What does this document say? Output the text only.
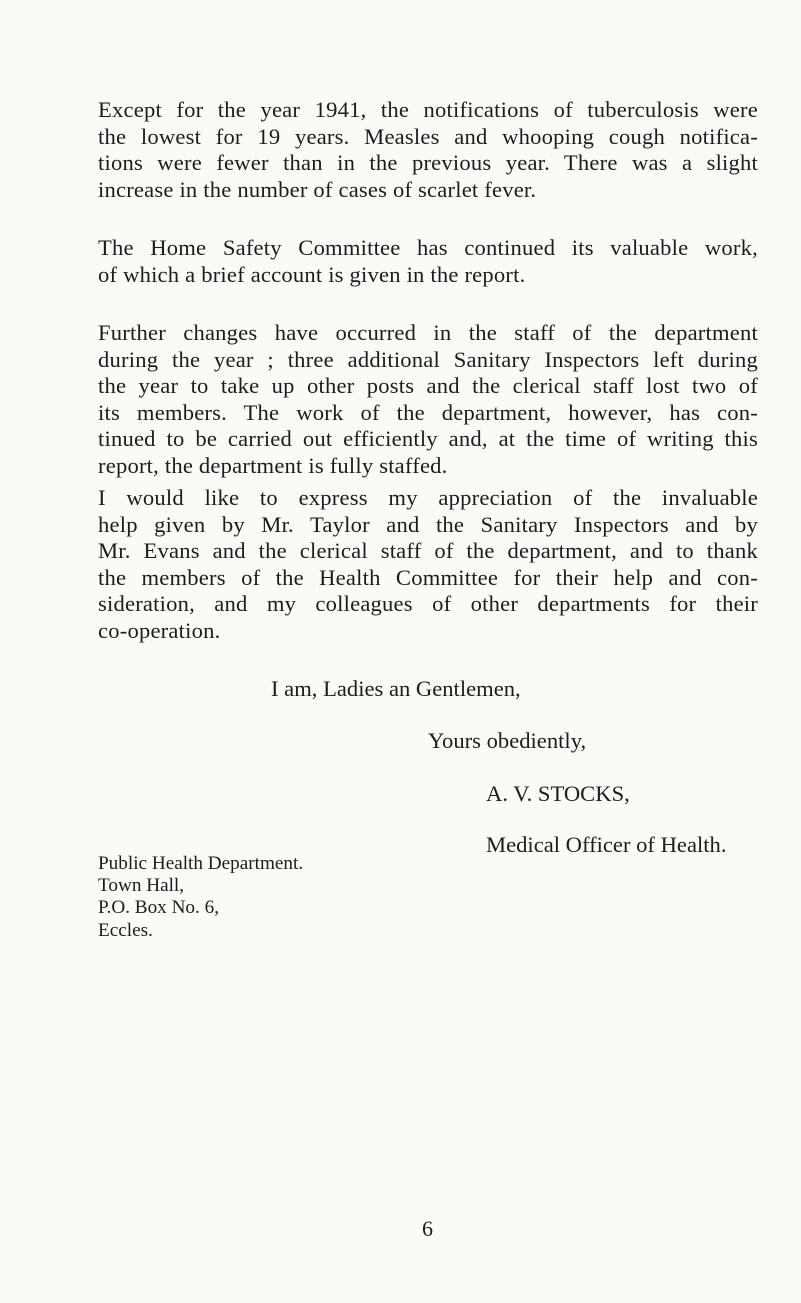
Except for the year 1941, the notifications of tuberculosis were
the lowest for 19 years. Measles and whooping cough notifica-
tions were fewer than in the previous year. There was a slight
increase in the number of cases of scarlet fever.

The Home Safety Committee has continued its valuable work,
of which a brief account is given in the report.

Further changes have occurred in the staff of the department
during the year ; three additional Sanitary Inspectors left during
the year to take up other posts and the clerical staff lost two of
its members. The work of the department, however, has con-
tinued to be carried out efficiently and, at the time of writing this
report, the department is fully staffed.

I would like to express my appreciation of the invaluable
help given by Mr. Taylor and the Sanitary Inspectors and by
Mr. Evans and the clerical staff of the department, and to thank
the members of the Health Committee for their help and con-
sideration, and my colleagues of other departments for their
co-operation.

I am, Ladies an Gentlemen,

Yours obediently,

A. V. STOCKS,

Medical Officer of Health.

Public Health Department.
Town Hall,
P.O. Box No. 6,
Eccles.

6
